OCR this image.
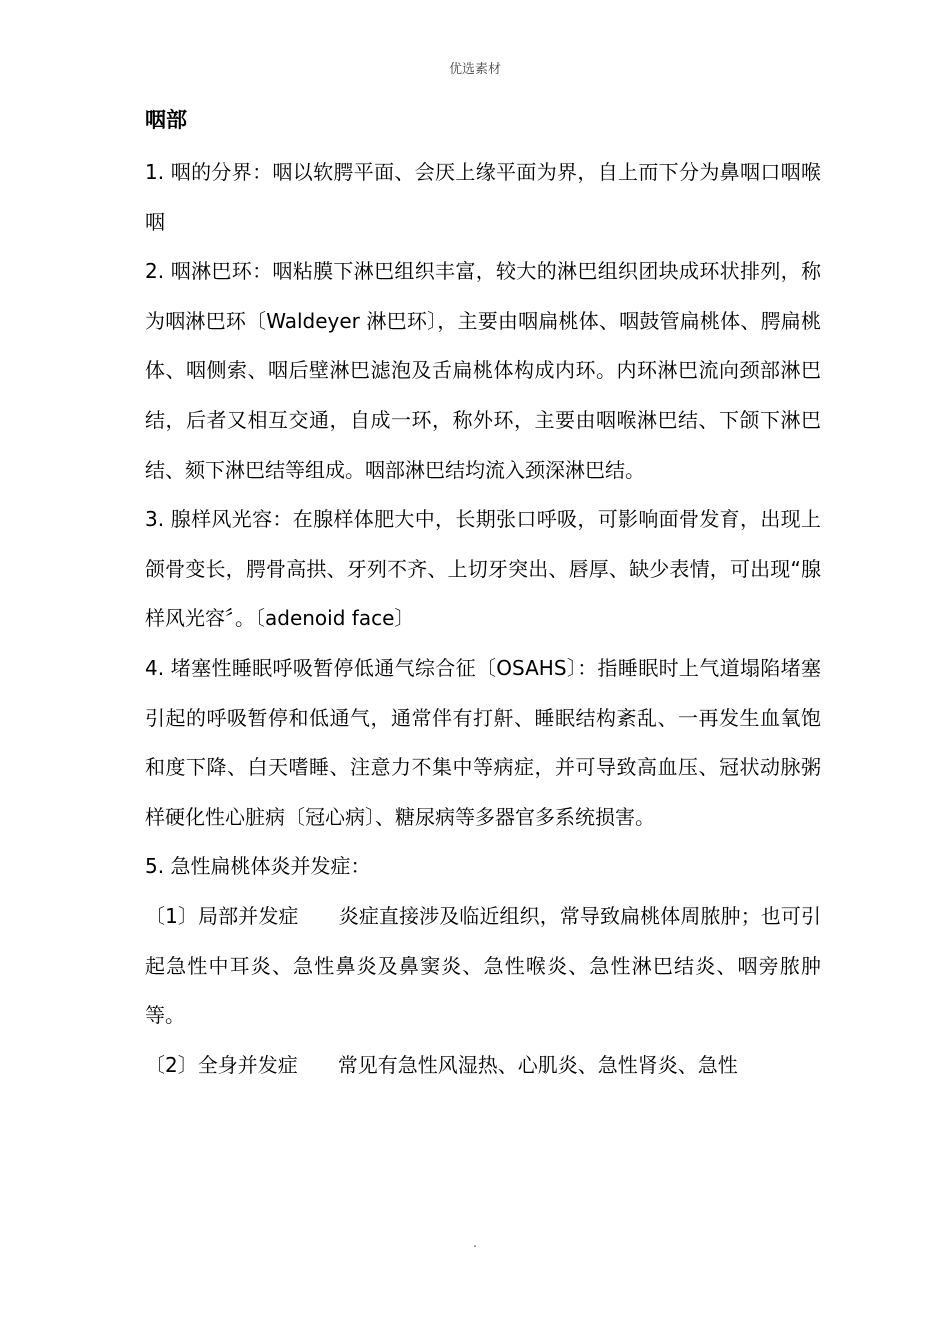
优选素材
咽部

1. 咽的分界：咽以软腭平面、会厌上缘平面为界，自上而下分为鼻咽口咽喉咽

2. 咽淋巴环：咽粘膜下淋巴组织丰富，较大的淋巴组织团块成环状排列，称为咽淋巴环〔Waldeyer 淋巴环〕，主要由咽扁桃体、咽鼓管扁桃体、腭扁桃体、咽侧索、咽后壁淋巴滤泡及舌扁桃体构成内环。内环淋巴流向颈部淋巴结，后者又相互交通，自成一环，称外环，主要由咽喉淋巴结、下颌下淋巴结、颏下淋巴结等组成。咽部淋巴结均流入颈深淋巴结。

3. 腺样风光容：在腺样体肥大中，长期张口呼吸，可影响面骨发育，出现上颌骨变长，腭骨高拱、牙列不齐、上切牙突出、唇厚、缺少表情，可出现“腺样风光容〞。〔adenoid face〕

4. 堵塞性睡眠呼吸暂停低通气综合征〔OSAHS〕：指睡眠时上气道塌陷堵塞引起的呼吸暂停和低通气，通常伴有打鼾、睡眠结构紊乱、一再发生血氧饱和度下降、白天嗜睡、注意力不集中等病症，并可导致高血压、冠状动脉粥样硬化性心脏病〔冠心病〕、糖尿病等多器官多系统损害。

5. 急性扁桃体炎并发症：

〔1〕局部并发症　　炎症直接涉及临近组织，常导致扁桃体周脓肿；也可引起急性中耳炎、急性鼻炎及鼻窦炎、急性喉炎、急性淋巴结炎、咽旁脓肿等。

〔2〕全身并发症　　常见有急性风湿热、心肌炎、急性肾炎、急性

.
